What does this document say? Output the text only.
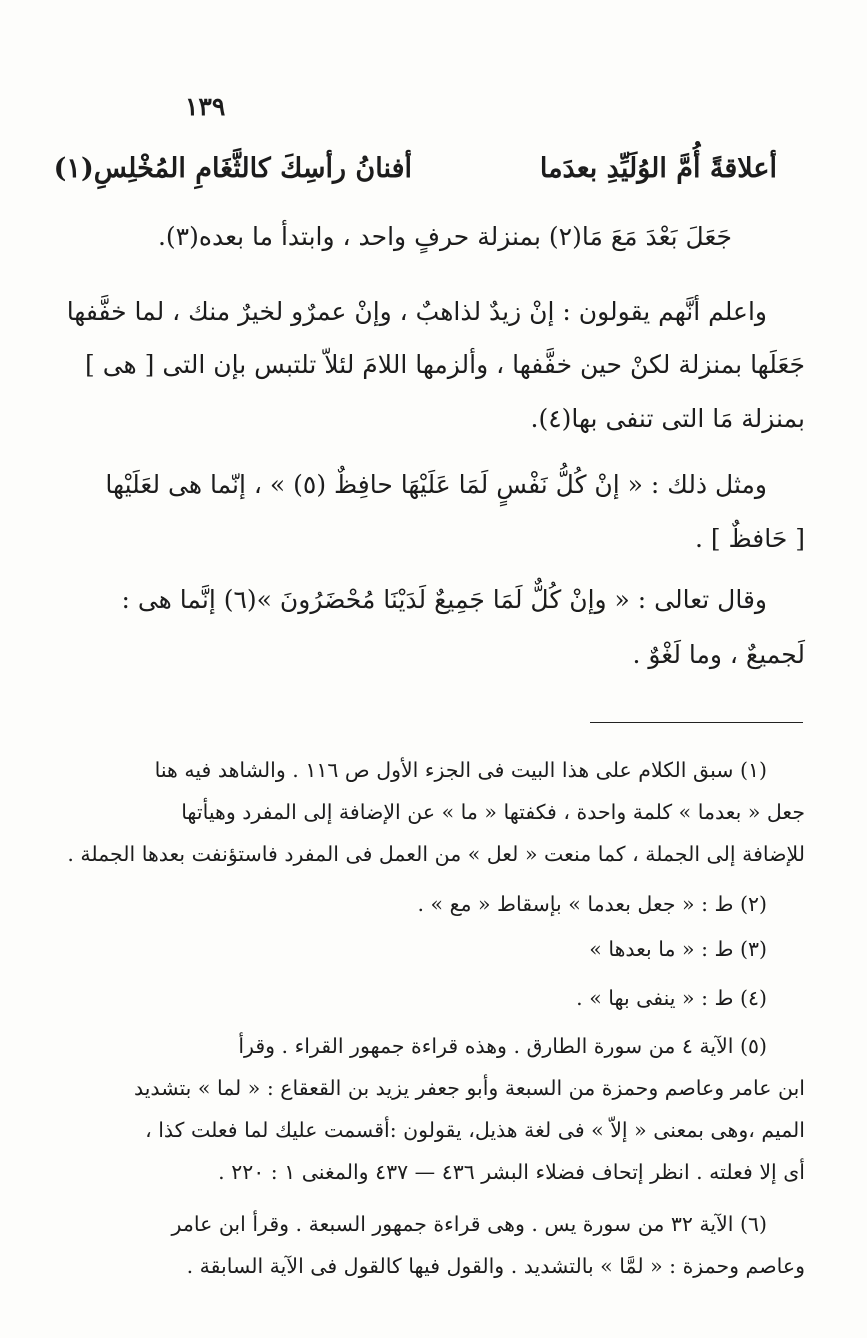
١٣٩
أعلاقةً أُمَّ الوُلَيِّدِ بعدَما
أفنانُ رأسِكَ كالثَّغَامِ المُخْلِسِ(١)
جَعَلَ بَعْدَ مَعَ مَا(٢) بمنزلة حرفٍ واحد ، وابتدأ ما بعده(٣).
واعلم أنَّهم يقولون : إنْ زيدٌ لذاهبٌ ، وإنْ عمرٌو لخيرٌ منك ، لما خفَّفها
جَعَلَها بمنزلة لكنْ حين خفَّفها ، وألزمها اللامَ لئلاّ تلتبس بإن التى [ هى ]
بمنزلة مَا التى تنفى بها(٤).
ومثل ذلك : « إنْ كُلُّ نَفْسٍ لَمَا عَلَيْهَا حافِظٌ (٥) » ، إنّما هى لعَلَيْها
[ حَافظٌ ] .
وقال تعالى : « وإنْ كُلٌّ لَمَا جَمِيعٌ لَدَيْنَا مُحْضَرُونَ »(٦) إنَّما هى :
لَجميعٌ ، وما لَغْوٌ .
(١) سبق الكلام على هذا البيت فى الجزء الأول ص ١١٦ . والشاهد فيه هنا
جعل « بعدما » كلمة واحدة ، فكفتها « ما » عن الإضافة إلى المفرد وهيأتها
للإضافة إلى الجملة ، كما منعت « لعل » من العمل فى المفرد فاستؤنفت بعدها الجملة .
(٢) ط : « جعل بعدما » بإسقاط « مع » .
(٣) ط : « ما بعدها »
(٤) ط : « ينفى بها » .
(٥) الآية ٤ من سورة الطارق . وهذه قراءة جمهور القراء . وقرأ
ابن عامر وعاصم وحمزة من السبعة وأبو جعفر يزيد بن القعقاع : « لما » بتشديد
الميم ،وهى بمعنى « إلاّ » فى لغة هذيل، يقولون :أقسمت عليك لما فعلت كذا ،
أى إلا فعلته . انظر إتحاف فضلاء البشر ٤٣٦ — ٤٣٧ والمغنى ١ : ٢٢٠ .
(٦) الآية ٣٢ من سورة يس . وهى قراءة جمهور السبعة . وقرأ ابن عامر
وعاصم وحمزة : « لمَّا » بالتشديد . والقول فيها كالقول فى الآية السابقة .
